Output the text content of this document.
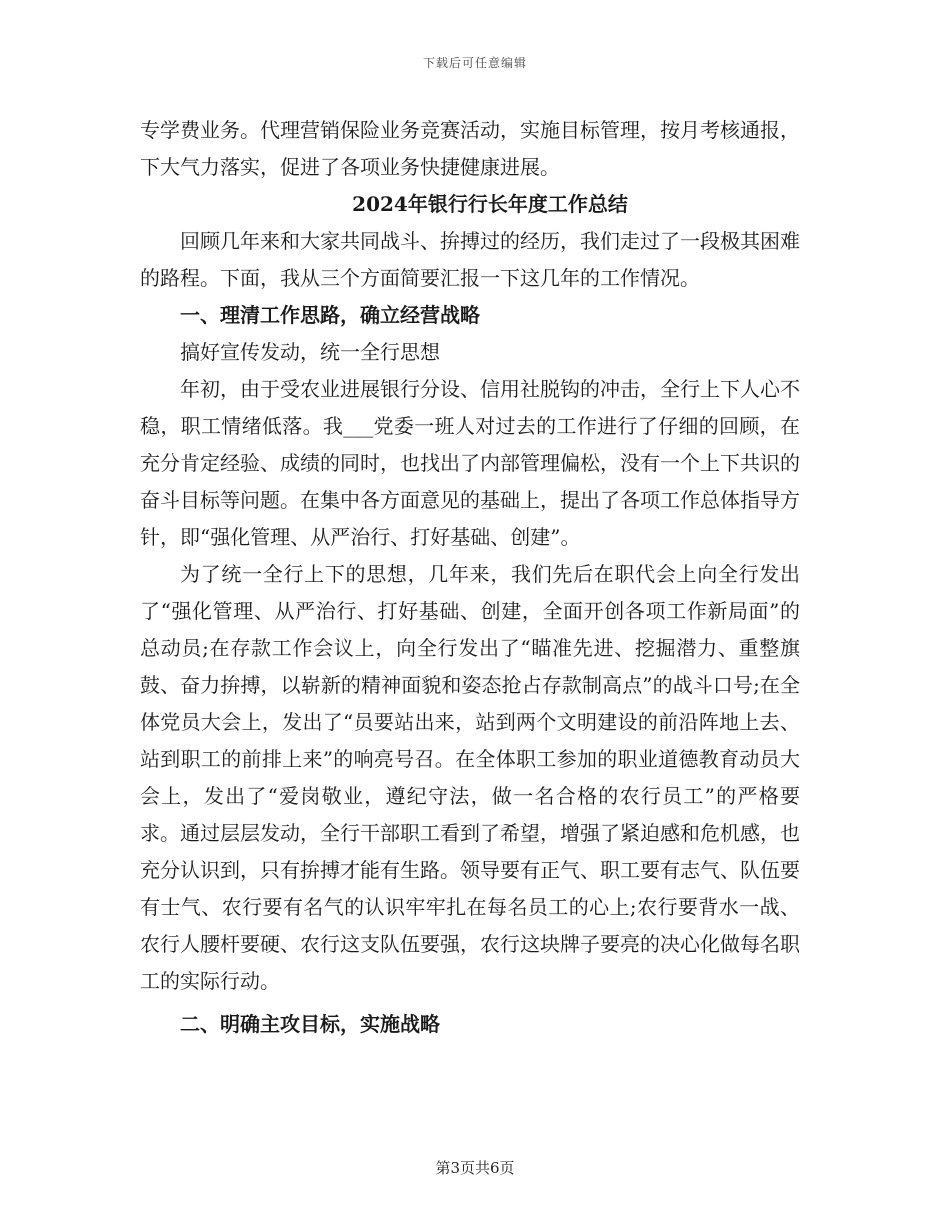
下载后可任意编辑

专学费业务。代理营销保险业务竞赛活动，实施目标管理，按月考核通报，下大气力落实，促进了各项业务快捷健康进展。

2024年银行行长年度工作总结

回顾几年来和大家共同战斗、拚搏过的经历，我们走过了一段极其困难的路程。下面，我从三个方面简要汇报一下这几年的工作情况。

一、理清工作思路，确立经营战略

搞好宣传发动，统一全行思想

年初，由于受农业进展银行分设、信用社脱钩的冲击，全行上下人心不稳，职工情绪低落。我___党委一班人对过去的工作进行了仔细的回顾，在充分肯定经验、成绩的同时，也找出了内部管理偏松，没有一个上下共识的奋斗目标等问题。在集中各方面意见的基础上，提出了各项工作总体指导方针，即“强化管理、从严治行、打好基础、创建”。

为了统一全行上下的思想，几年来，我们先后在职代会上向全行发出了“强化管理、从严治行、打好基础、创建，全面开创各项工作新局面”的总动员;在存款工作会议上，向全行发出了“瞄准先进、挖掘潜力、重整旗鼓、奋力拚搏，以崭新的精神面貌和姿态抢占存款制高点”的战斗口号;在全体党员大会上，发出了“员要站出来，站到两个文明建设的前沿阵地上去、站到职工的前排上来”的响亮号召。在全体职工参加的职业道德教育动员大会上，发出了“爱岗敬业，遵纪守法，做一名合格的农行员工”的严格要求。通过层层发动，全行干部职工看到了希望，增强了紧迫感和危机感，也充分认识到，只有拚搏才能有生路。领导要有正气、职工要有志气、队伍要有士气、农行要有名气的认识牢牢扎在每名员工的心上;农行要背水一战、农行人腰杆要硬、农行这支队伍要强，农行这块牌子要亮的决心化做每名职工的实际行动。

二、明确主攻目标，实施战略

第3页共6页
